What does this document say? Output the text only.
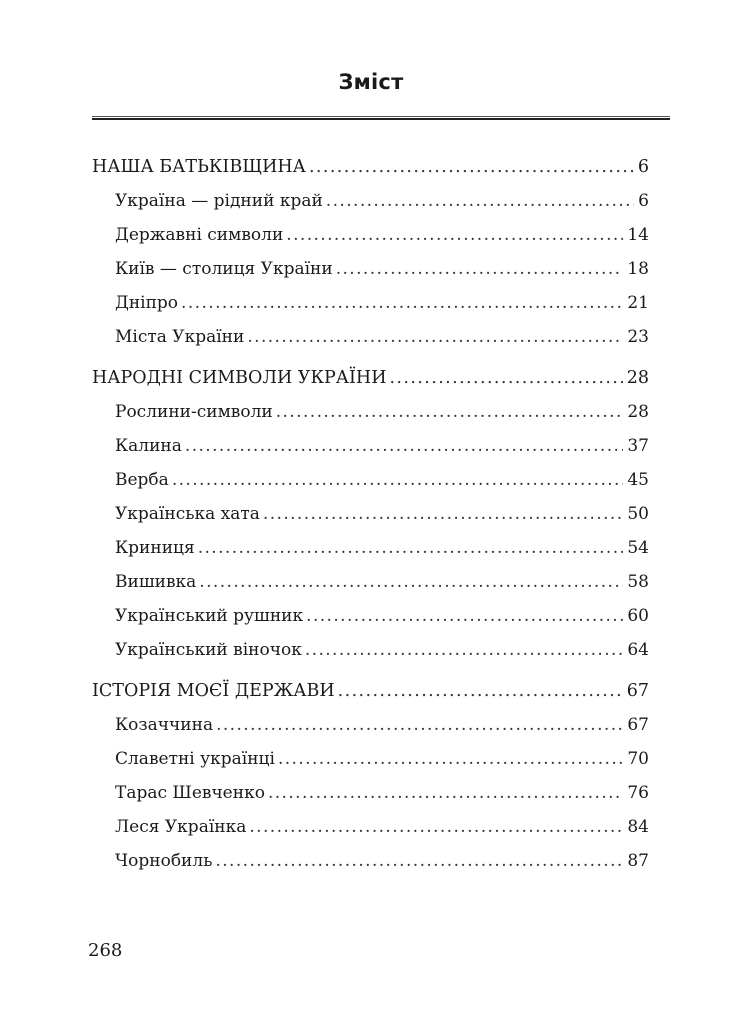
Зміст
НАША БАТЬКІВЩИНА .....	6
Україна — рідний край .....	6
Державні символи .....	14
Київ — столиця України .....	18
Дніпро .....	21
Міста України .....	23
НАРОДНІ СИМВОЛИ УКРАЇНИ .....	28
Рослини-символи .....	28
Калина .....	37
Верба .....	45
Українська хата .....	50
Криниця .....	54
Вишивка .....	58
Український рушник .....	60
Український віночок .....	64
ІСТОРІЯ МОЄЇ ДЕРЖАВИ .....	67
Козаччина .....	67
Славетні українці .....	70
Тарас Шевченко .....	76
Леся Українка .....	84
Чорнобиль .....	87
268
